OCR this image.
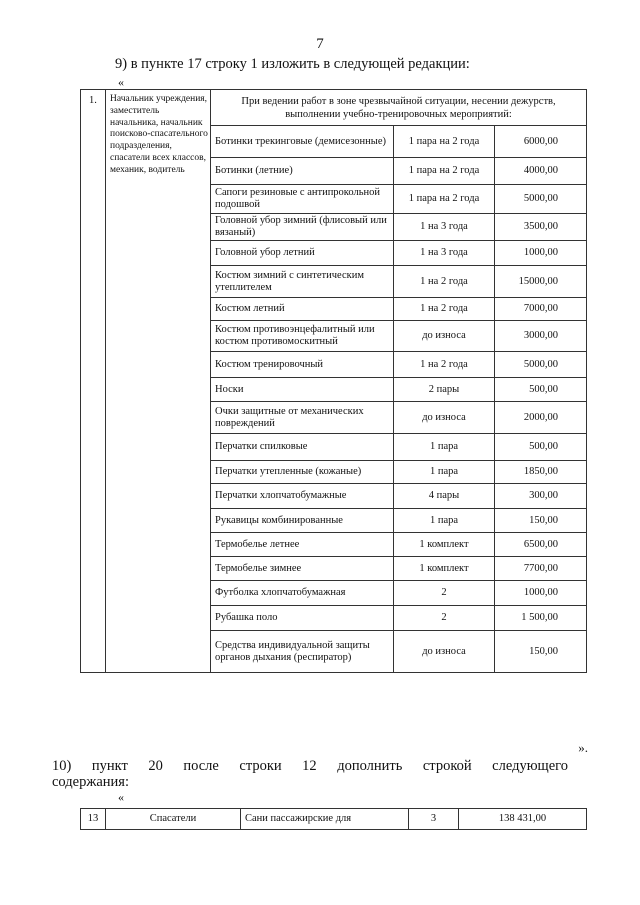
7
9) в пункте 17 строку 1 изложить в следующей редакции:
«
1.	Начальник учреждения, заместитель начальника, начальник поисково-спасательного подразделения, спасатели всех классов, механик, водитель	При ведении работ в зоне чрезвычайной ситуации, несении дежурств, выполнении учебно-тренировочных мероприятий:		
		Ботинки трекинговые (демисезонные)	1 пара на 2 года	6000,00
		Ботинки (летние)	1 пара на 2 года	4000,00
		Сапоги резиновые с антипрокольной подошвой	1 пара на 2 года	5000,00
		Головной убор зимний (флисовый или вязаный)	1 на 3 года	3500,00
		Головной убор летний	1 на 3 года	1000,00
		Костюм зимний с синтетическим утеплителем	1 на 2 года	15000,00
		Костюм летний	1 на 2 года	7000,00
		Костюм противоэнцефалитный или костюм противомоскитный	до износа	3000,00
		Костюм тренировочный	1 на 2 года	5000,00
		Носки	2 пары	500,00
		Очки защитные от механических повреждений	до износа	2000,00
		Перчатки спилковые	1 пара	500,00
		Перчатки утепленные (кожаные)	1 пара	1850,00
		Перчатки хлопчатобумажные	4 пары	300,00
		Рукавицы комбинированные	1 пара	150,00
		Термобелье летнее	1 комплект	6500,00
		Термобелье зимнее	1 комплект	7700,00
		Футболка хлопчатобумажная	2	1000,00
		Рубашка поло	2	1 500,00
		Средства индивидуальной защиты органов дыхания (респиратор)	до износа	150,00
».
10) пункт 20 после строки 12 дополнить строкой следующего
содержания:
«
13	Спасатели	Сани пассажирские для	3	138 431,00
